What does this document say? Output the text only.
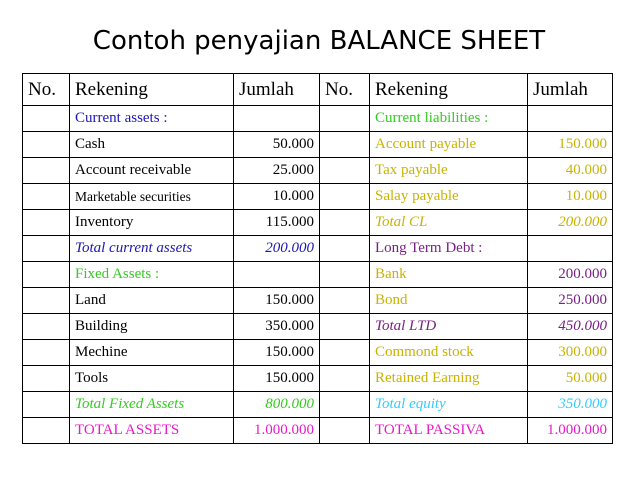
Contoh penyajian BALANCE SHEET
No.	Rekening	Jumlah	No.	Rekening	Jumlah
	Current assets :			Current liabilities :	
	Cash	50.000		Account payable	150.000
	Account receivable	25.000		Tax payable	40.000
	Marketable securities	10.000		Salay payable	10.000
	Inventory	115.000		Total CL	200.000
	Total current assets	200.000		Long Term Debt :	
	Fixed Assets :			Bank	200.000
	Land	150.000		Bond	250.000
	Building	350.000		Total LTD	450.000
	Mechine	150.000		Commond stock	300.000
	Tools	150.000		Retained Earning	50.000
	Total Fixed Assets	800.000		Total equity	350.000
	TOTAL ASSETS	1.000.000		TOTAL PASSIVA	1.000.000
